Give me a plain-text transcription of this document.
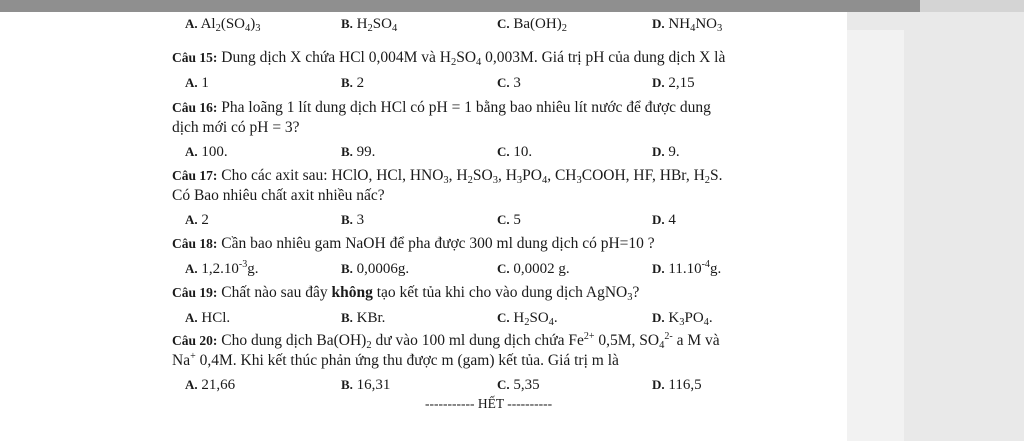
A. $Al_2(SO_4)_3$	B. $H_2SO_4$	C. $Ba(OH)_2$	D. $NH_4NO_3$
Câu 15: Dung dịch X chứa HCl 0,004M và $H_2SO_4$ 0,003M. Giá trị pH của dung dịch X là
A. 1	B. 2	C. 3	D. 2,15
Câu 16: Pha loãng 1 lít dung dịch HCl có pH = 1 bằng bao nhiêu lít nước để được dung
dịch mới có pH = 3?
A. 100.	B. 99.	C. 10.	D. 9.
Câu 17: Cho các axit sau: HClO, HCl, $HNO_3$, $H_2SO_3$, $H_3PO_4$, $CH_3COOH$, HF, HBr, $H_2S$.
Có Bao nhiêu chất axit nhiều nấc?
A. 2	B. 3	C. 5	D. 4
Câu 18: Cần bao nhiêu gam NaOH để pha được 300 ml dung dịch có pH=10 ?
A. $1,2.10^{-3}g$.	B. 0,0006g.	C. 0,0002 g.	D. $11.10^{-4}g$.
Câu 19: Chất nào sau đây không tạo kết tủa khi cho vào dung dịch AgNO$_3$?
A. HCl.	B. KBr.	C. $H_2SO_4$.	D. $K_3PO_4$.
Câu 20: Cho dung dịch $Ba(OH)_2$ dư vào 100 ml dung dịch chứa $Fe^{2+}$ 0,5M, $SO_4^{2-}$ a M và
Na+ 0,4M. Khi kết thúc phản ứng thu được m (gam) kết tủa. Giá trị m là
A. 21,66	B. 16,31	C. 5,35	D. 116,5
----------- HẾT ----------
